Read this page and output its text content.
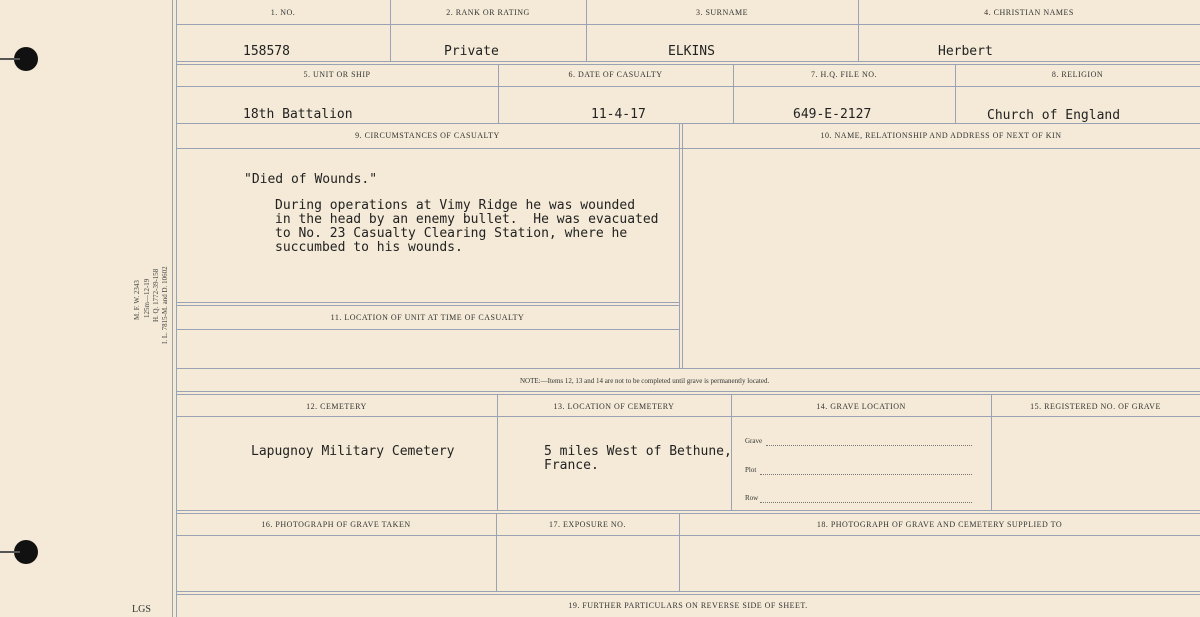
M. F. W. 2343 125m—12-19 H. Q. 1772-39-158 I. L. 7815-M. and D. 10602
LGS
1. NO.	2. RANK OR RATING	3. SURNAME	4. CHRISTIAN NAMES
158578	Private	ELKINS	Herbert
5. UNIT OR SHIP	6. DATE OF CASUALTY	7. H.Q. FILE NO.	8. RELIGION
18th Battalion	11-4-17	649-E-2127	Church of England
9. CIRCUMSTANCES OF CASUALTY	10. NAME, RELATIONSHIP AND ADDRESS OF NEXT OF KIN
"Died of Wounds."
During operations at Vimy Ridge he was wounded
in the head by an enemy bullet.  He was evacuated
to No. 23 Casualty Clearing Station, where he
succumbed to his wounds.
11. LOCATION OF UNIT AT TIME OF CASUALTY
NOTE:—Items 12, 13 and 14 are not to be completed until grave is permanently located.
12. CEMETERY	13. LOCATION OF CEMETERY	14. GRAVE LOCATION	15. REGISTERED NO. OF GRAVE
Lapugnoy Military Cemetery	5 miles West of Bethune,
France.
Grave
Plot
Row
16. PHOTOGRAPH OF GRAVE TAKEN	17. EXPOSURE NO.	18. PHOTOGRAPH OF GRAVE AND CEMETERY SUPPLIED TO
19. FURTHER PARTICULARS ON REVERSE SIDE OF SHEET.
